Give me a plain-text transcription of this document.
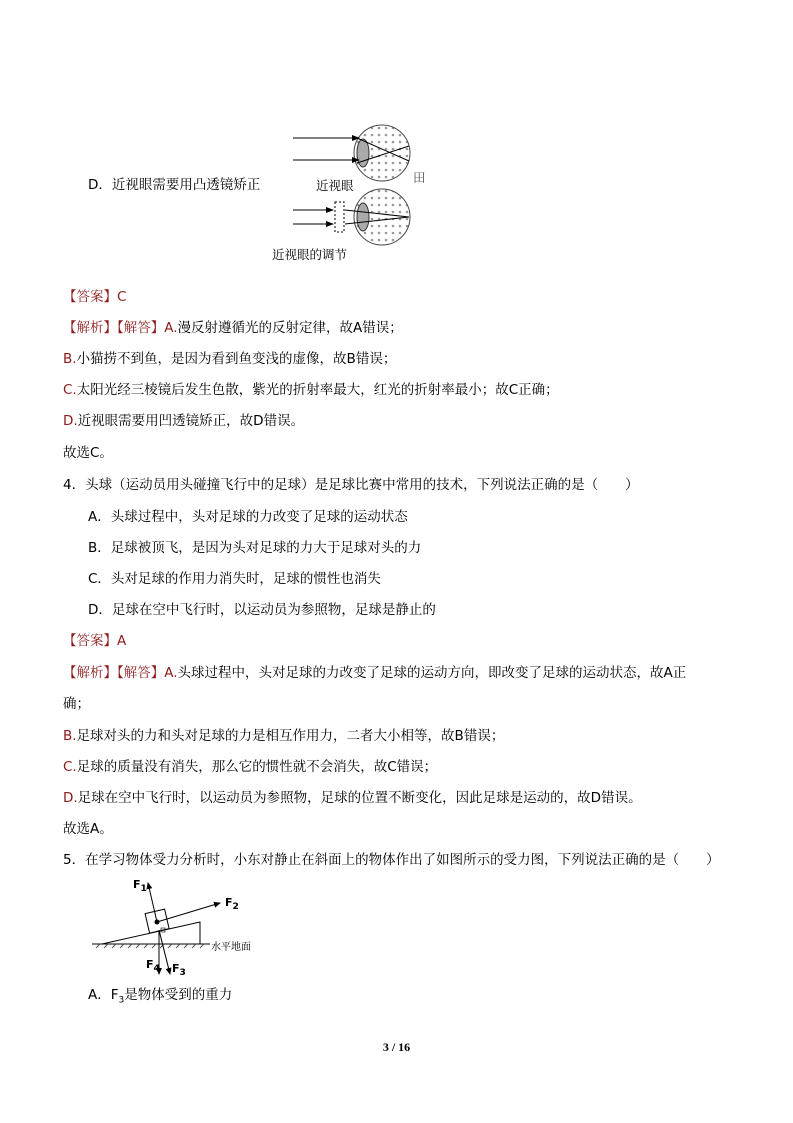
D．近视眼需要用凸透镜矫正	近视眼
近视眼的调节
田
【答案】C
【解析】【解答】A.漫反射遵循光的反射定律，故A错误；
B.小猫捞不到鱼，是因为看到鱼变浅的虚像，故B错误；
C.太阳光经三棱镜后发生色散，紫光的折射率最大，红光的折射率最小；故C正确；
D.近视眼需要用凹透镜矫正，故D错误。
故选C。
4．头球（运动员用头碰撞飞行中的足球）是足球比赛中常用的技术，下列说法正确的是（　　）
A．头球过程中，头对足球的力改变了足球的运动状态
B．足球被顶飞，是因为头对足球的力大于足球对头的力
C．头对足球的作用力消失时，足球的惯性也消失
D．足球在空中飞行时，以运动员为参照物，足球是静止的
【答案】A
【解析】【解答】A.头球过程中，头对足球的力改变了足球的运动方向，即改变了足球的运动状态，故A正
确；
B.足球对头的力和头对足球的力是相互作用力，二者大小相等，故B错误；
C.足球的质量没有消失，那么它的惯性就不会消失，故C错误；
D.足球在空中飞行时，以运动员为参照物，足球的位置不断变化，因此足球是运动的，故D错误。
故选A。
5．在学习物体受力分析时，小东对静止在斜面上的物体作出了如图所示的受力图，下列说法正确的是（　　）
$F_1$
$F_2$
$F_3$
$F_4$
水平地面
A．$F_3$是物体受到的重力
3 / 16
